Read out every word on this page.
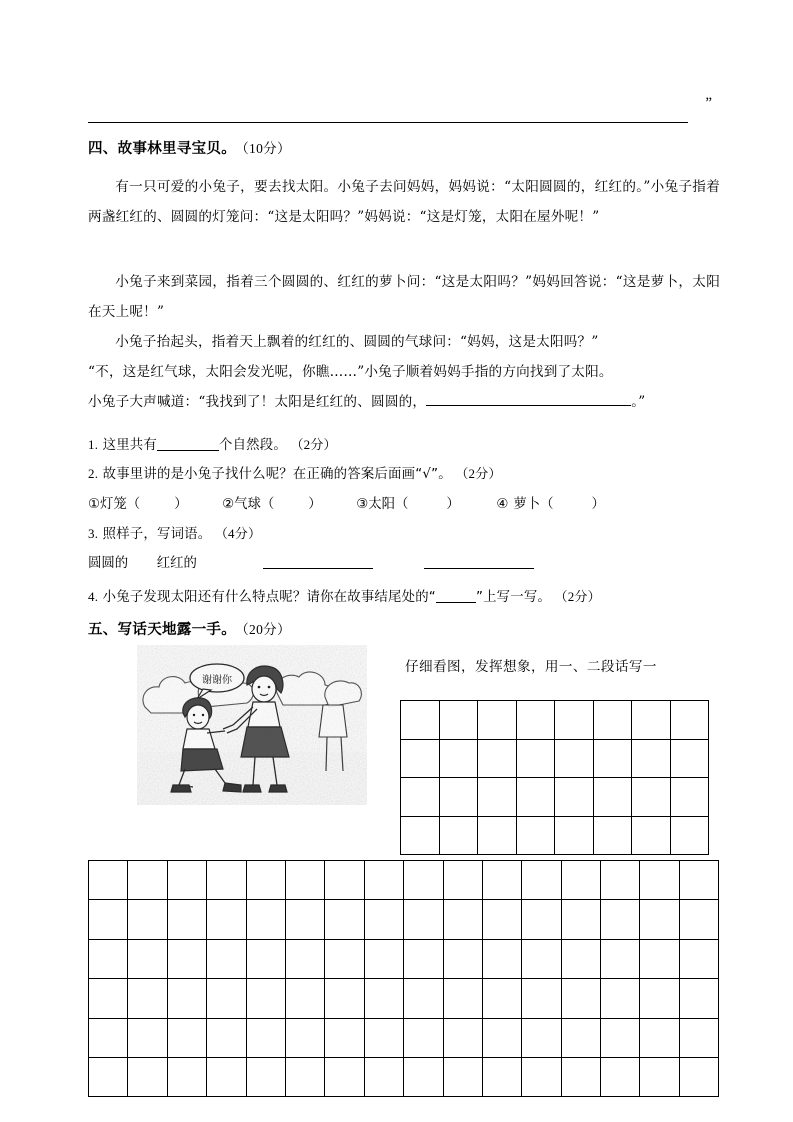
”
四、故事林里寻宝贝。 （10分）

有一只可爱的小兔子，要去找太阳。小兔子去问妈妈，妈妈说：“太阳圆圆的，红红的。”小兔子指着两盏红红的、圆圆的灯笼问：“这是太阳吗？”妈妈说：“这是灯笼，太阳在屋外呢！”

小兔子来到菜园，指着三个圆圆的、红红的萝卜问：“这是太阳吗？”妈妈回答说：“这是萝卜，太阳在天上呢！”

小兔子抬起头，指着天上飘着的红红的、圆圆的气球问：“妈妈，这是太阳吗？”

“不，这是红气球，太阳会发光呢，你瞧……”小兔子顺着妈妈手指的方向找到了太阳。

小兔子大声喊道：“我找到了！太阳是红红的、圆圆的，	。”

1. 这里共有	个自然段。 （2分）
2. 故事里讲的是小兔子找什么呢？在正确的答案后面画“√”。 （2分）
①灯笼（	）	②气球（	）	③太阳（	）	④ 萝卜（	）
3. 照样子，写词语。 （4分）
圆圆的 红红的
4. 小兔子发现太阳还有什么特点呢？请你在故事结尾处的“	”上写一写。 （2分）
五、写话天地露一手。 （20分）
谢谢你
仔细看图，发挥想象，用一、二段话写一
